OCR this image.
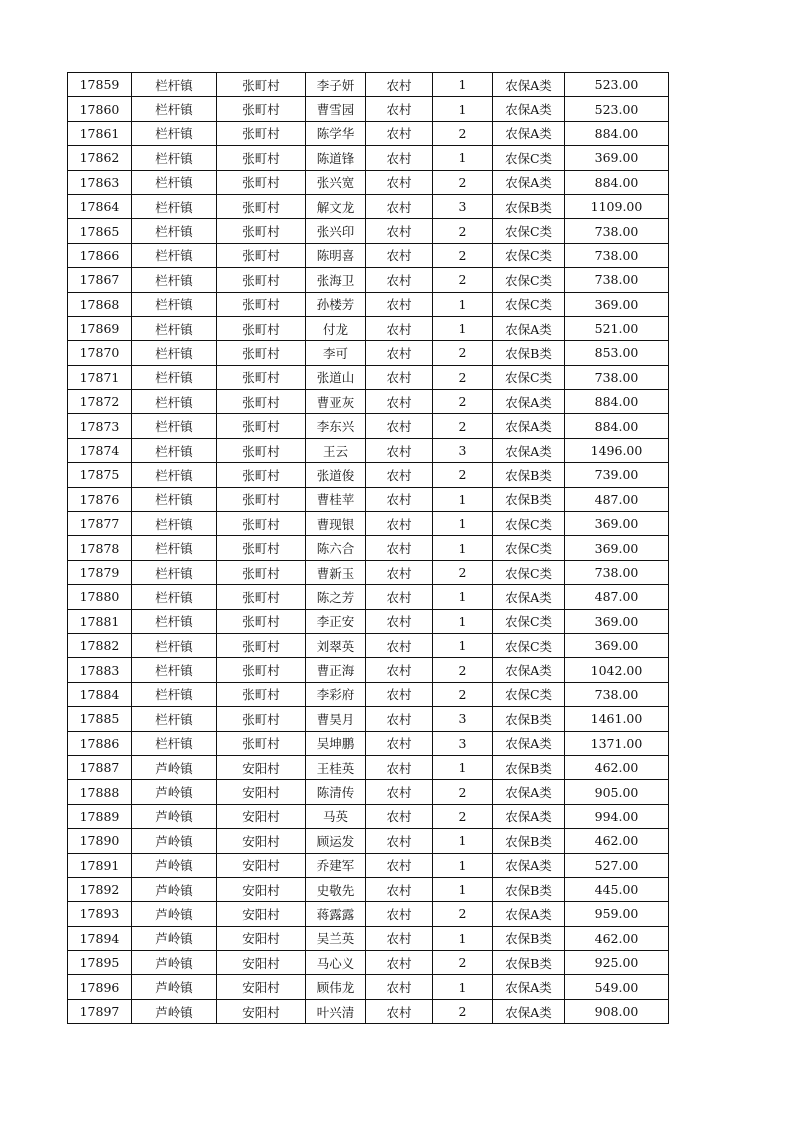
17859	栏杆镇	张町村	李子妍	农村	1	农保A类	523.00
17860	栏杆镇	张町村	曹雪园	农村	1	农保A类	523.00
17861	栏杆镇	张町村	陈学华	农村	2	农保A类	884.00
17862	栏杆镇	张町村	陈道锋	农村	1	农保C类	369.00
17863	栏杆镇	张町村	张兴宽	农村	2	农保A类	884.00
17864	栏杆镇	张町村	解文龙	农村	3	农保B类	1109.00
17865	栏杆镇	张町村	张兴印	农村	2	农保C类	738.00
17866	栏杆镇	张町村	陈明喜	农村	2	农保C类	738.00
17867	栏杆镇	张町村	张海卫	农村	2	农保C类	738.00
17868	栏杆镇	张町村	孙楼芳	农村	1	农保C类	369.00
17869	栏杆镇	张町村	付龙	农村	1	农保A类	521.00
17870	栏杆镇	张町村	李可	农村	2	农保B类	853.00
17871	栏杆镇	张町村	张道山	农村	2	农保C类	738.00
17872	栏杆镇	张町村	曹亚灰	农村	2	农保A类	884.00
17873	栏杆镇	张町村	李东兴	农村	2	农保A类	884.00
17874	栏杆镇	张町村	王云	农村	3	农保A类	1496.00
17875	栏杆镇	张町村	张道俊	农村	2	农保B类	739.00
17876	栏杆镇	张町村	曹桂苹	农村	1	农保B类	487.00
17877	栏杆镇	张町村	曹现银	农村	1	农保C类	369.00
17878	栏杆镇	张町村	陈六合	农村	1	农保C类	369.00
17879	栏杆镇	张町村	曹新玉	农村	2	农保C类	738.00
17880	栏杆镇	张町村	陈之芳	农村	1	农保A类	487.00
17881	栏杆镇	张町村	李正安	农村	1	农保C类	369.00
17882	栏杆镇	张町村	刘翠英	农村	1	农保C类	369.00
17883	栏杆镇	张町村	曹正海	农村	2	农保A类	1042.00
17884	栏杆镇	张町村	李彩府	农村	2	农保C类	738.00
17885	栏杆镇	张町村	曹昊月	农村	3	农保B类	1461.00
17886	栏杆镇	张町村	吴坤鹏	农村	3	农保A类	1371.00
17887	芦岭镇	安阳村	王桂英	农村	1	农保B类	462.00
17888	芦岭镇	安阳村	陈清传	农村	2	农保A类	905.00
17889	芦岭镇	安阳村	马英	农村	2	农保A类	994.00
17890	芦岭镇	安阳村	顾运发	农村	1	农保B类	462.00
17891	芦岭镇	安阳村	乔建军	农村	1	农保A类	527.00
17892	芦岭镇	安阳村	史敬先	农村	1	农保B类	445.00
17893	芦岭镇	安阳村	蒋露露	农村	2	农保A类	959.00
17894	芦岭镇	安阳村	吴兰英	农村	1	农保B类	462.00
17895	芦岭镇	安阳村	马心义	农村	2	农保B类	925.00
17896	芦岭镇	安阳村	顾伟龙	农村	1	农保A类	549.00
17897	芦岭镇	安阳村	叶兴清	农村	2	农保A类	908.00
